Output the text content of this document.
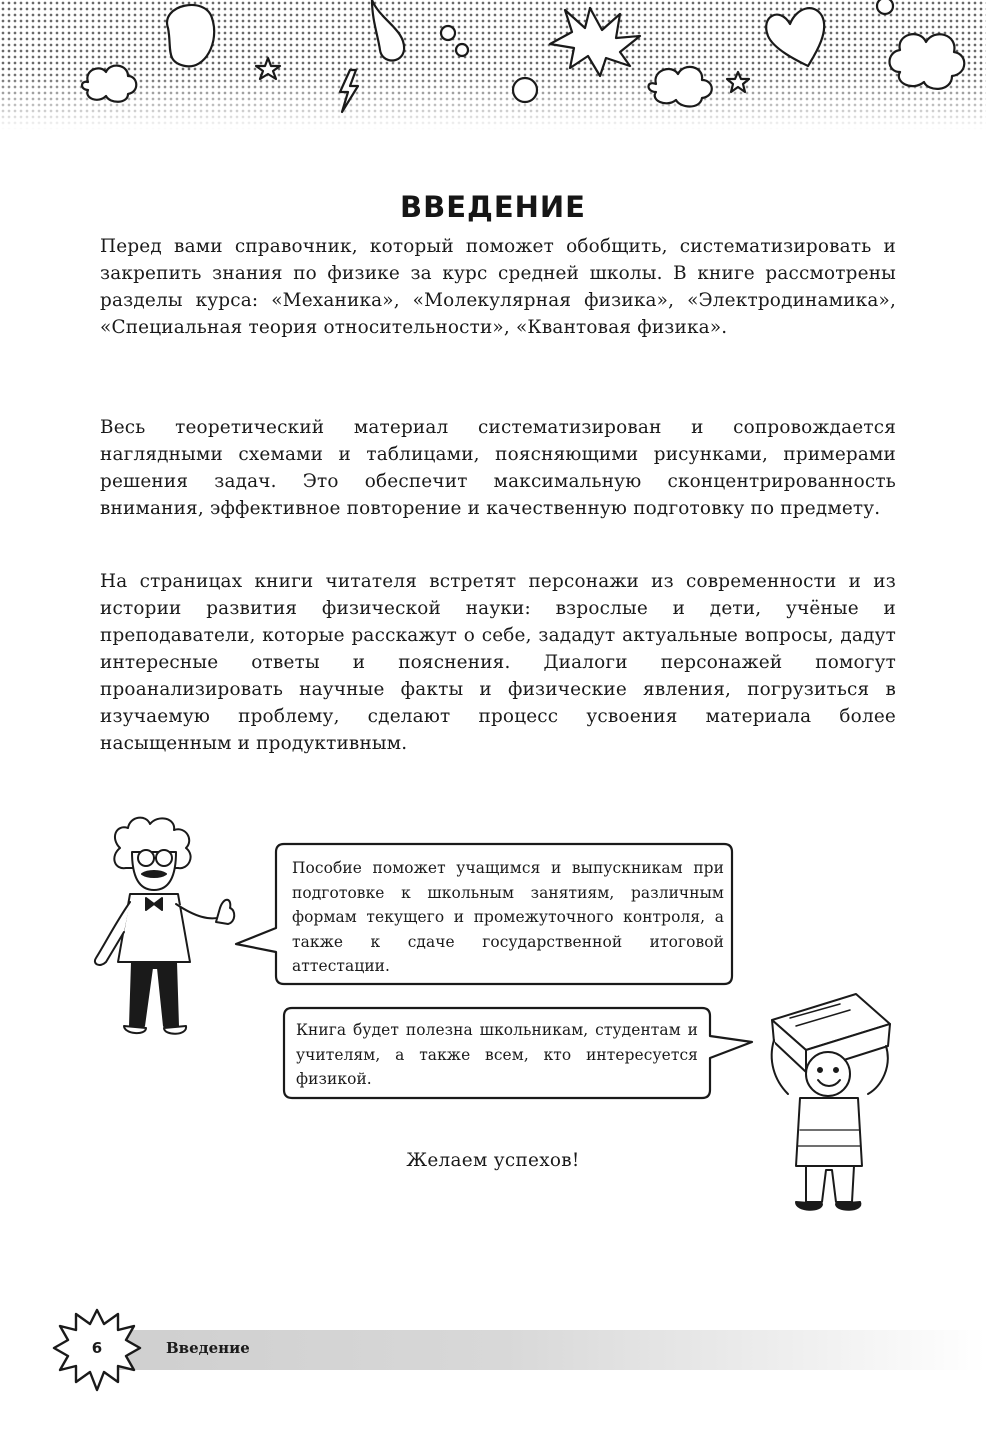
ВВЕДЕНИЕ

Перед вами справочник, который поможет обобщить, систематизировать и закрепить знания по физике за курс средней школы. В книге рассмотрены разделы курса: «Механика», «Молекулярная физика», «Электродинамика», «Специальная теория относительности», «Квантовая физика».

Весь теоретический материал систематизирован и сопровождается наглядными схемами и таблицами, поясняющими рисунками, примерами решения задач. Это обеспечит максимальную сконцентрированность внимания, эффективное повторение и качественную подготовку по предмету.

На страницах книги читателя встретят персонажи из современности и из истории развития физической науки: взрослые и дети, учёные и преподаватели, которые расскажут о себе, зададут актуальные вопросы, дадут интересные ответы и пояснения. Диалоги персонажей помогут проанализировать научные факты и физические явления, погрузиться в изучаемую проблему, сделают процесс усвоения материала более насыщенным и продуктивным.

Пособие поможет учащимся и выпускникам при подготовке к школьным занятиям, различным формам текущего и промежуточного контроля, а также к сдаче государственной итоговой аттестации.

Книга будет полезна школьникам, студентам и учителям, а также всем, кто интересуется физикой.

Желаем успехов!

6	Введение
